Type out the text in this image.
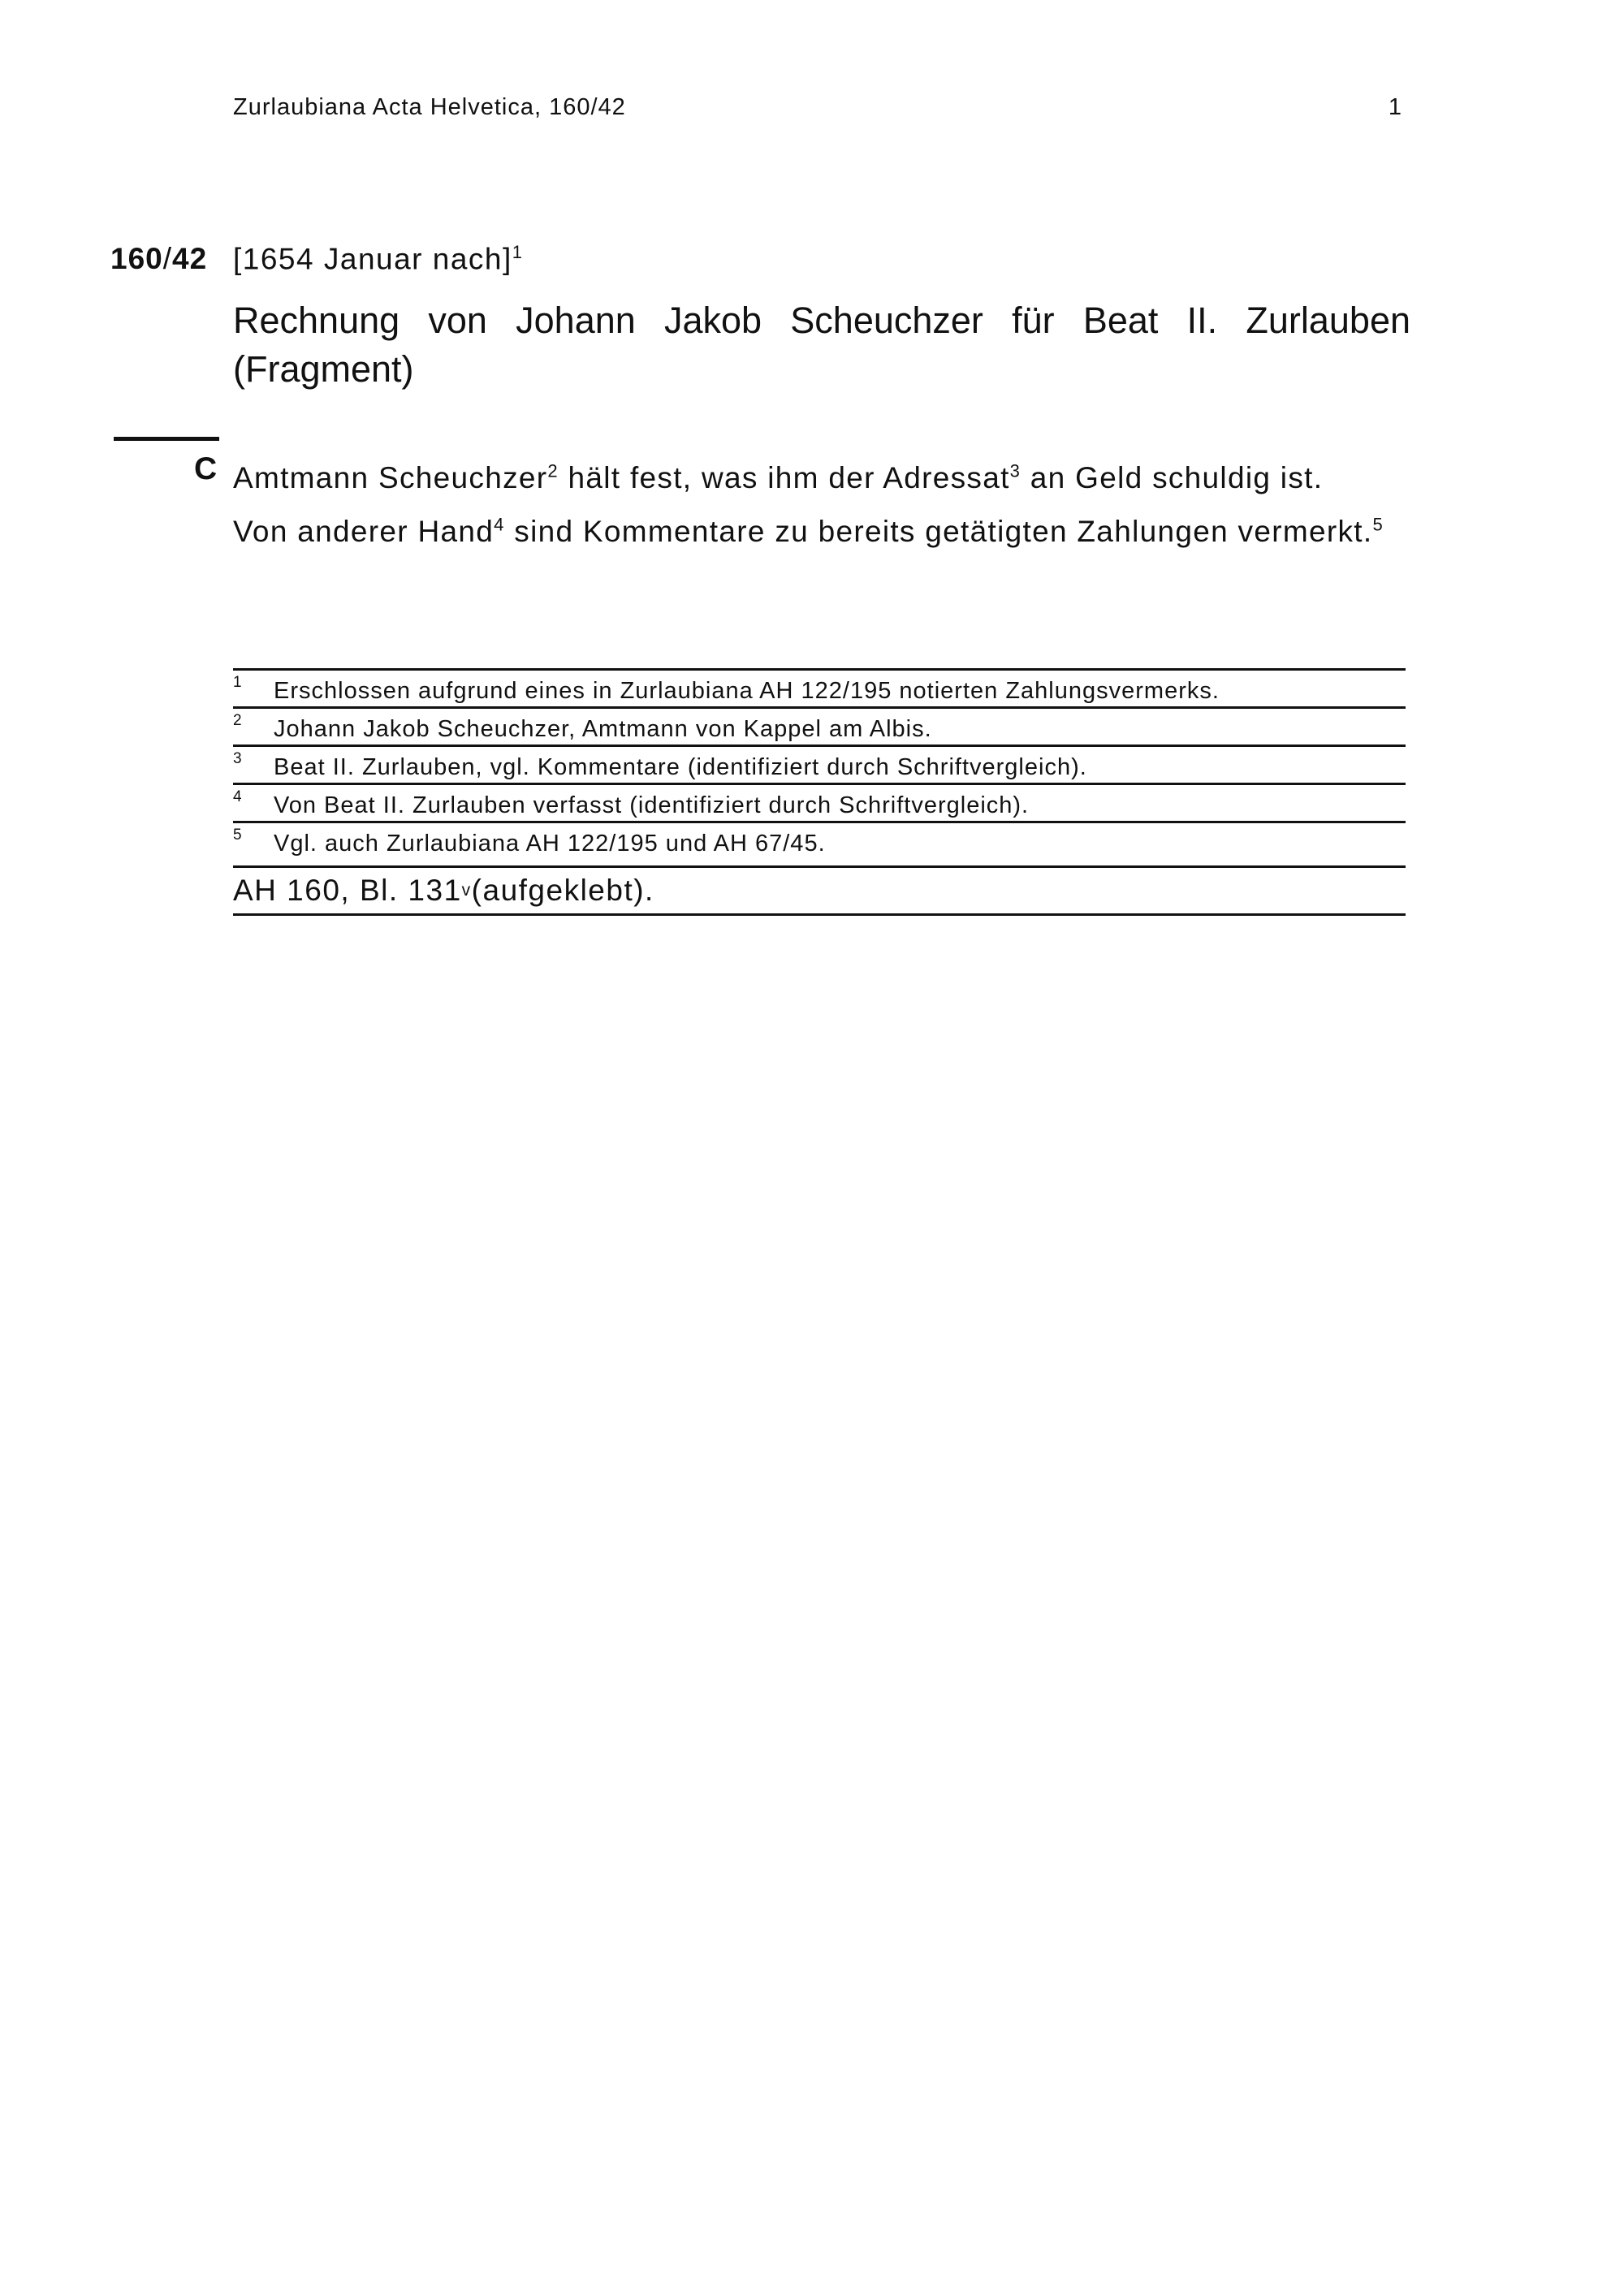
Zurlaubiana Acta Helvetica, 160/42	1
160/42 [1654 Januar nach]$^1$
Rechnung von Johann Jakob Scheuchzer für Beat II. Zurlauben (Fragment)
C Amtmann Scheuchzer$^2$ hält fest, was ihm der Adressat$^3$ an Geld schuldig ist.

Von anderer Hand$^4$ sind Kommentare zu bereits getätigten Zahlungen vermerkt.$^5$

1	Erschlossen aufgrund eines in Zurlaubiana AH 122/195 notierten Zahlungsvermerks.
2	Johann Jakob Scheuchzer, Amtmann von Kappel am Albis.
3	Beat II. Zurlauben, vgl. Kommentare (identifiziert durch Schriftvergleich).
4	Von Beat II. Zurlauben verfasst (identifiziert durch Schriftvergleich).
5	Vgl. auch Zurlaubiana AH 122/195 und AH 67/45.
AH 160, Bl. 131 v (aufgeklebt).
